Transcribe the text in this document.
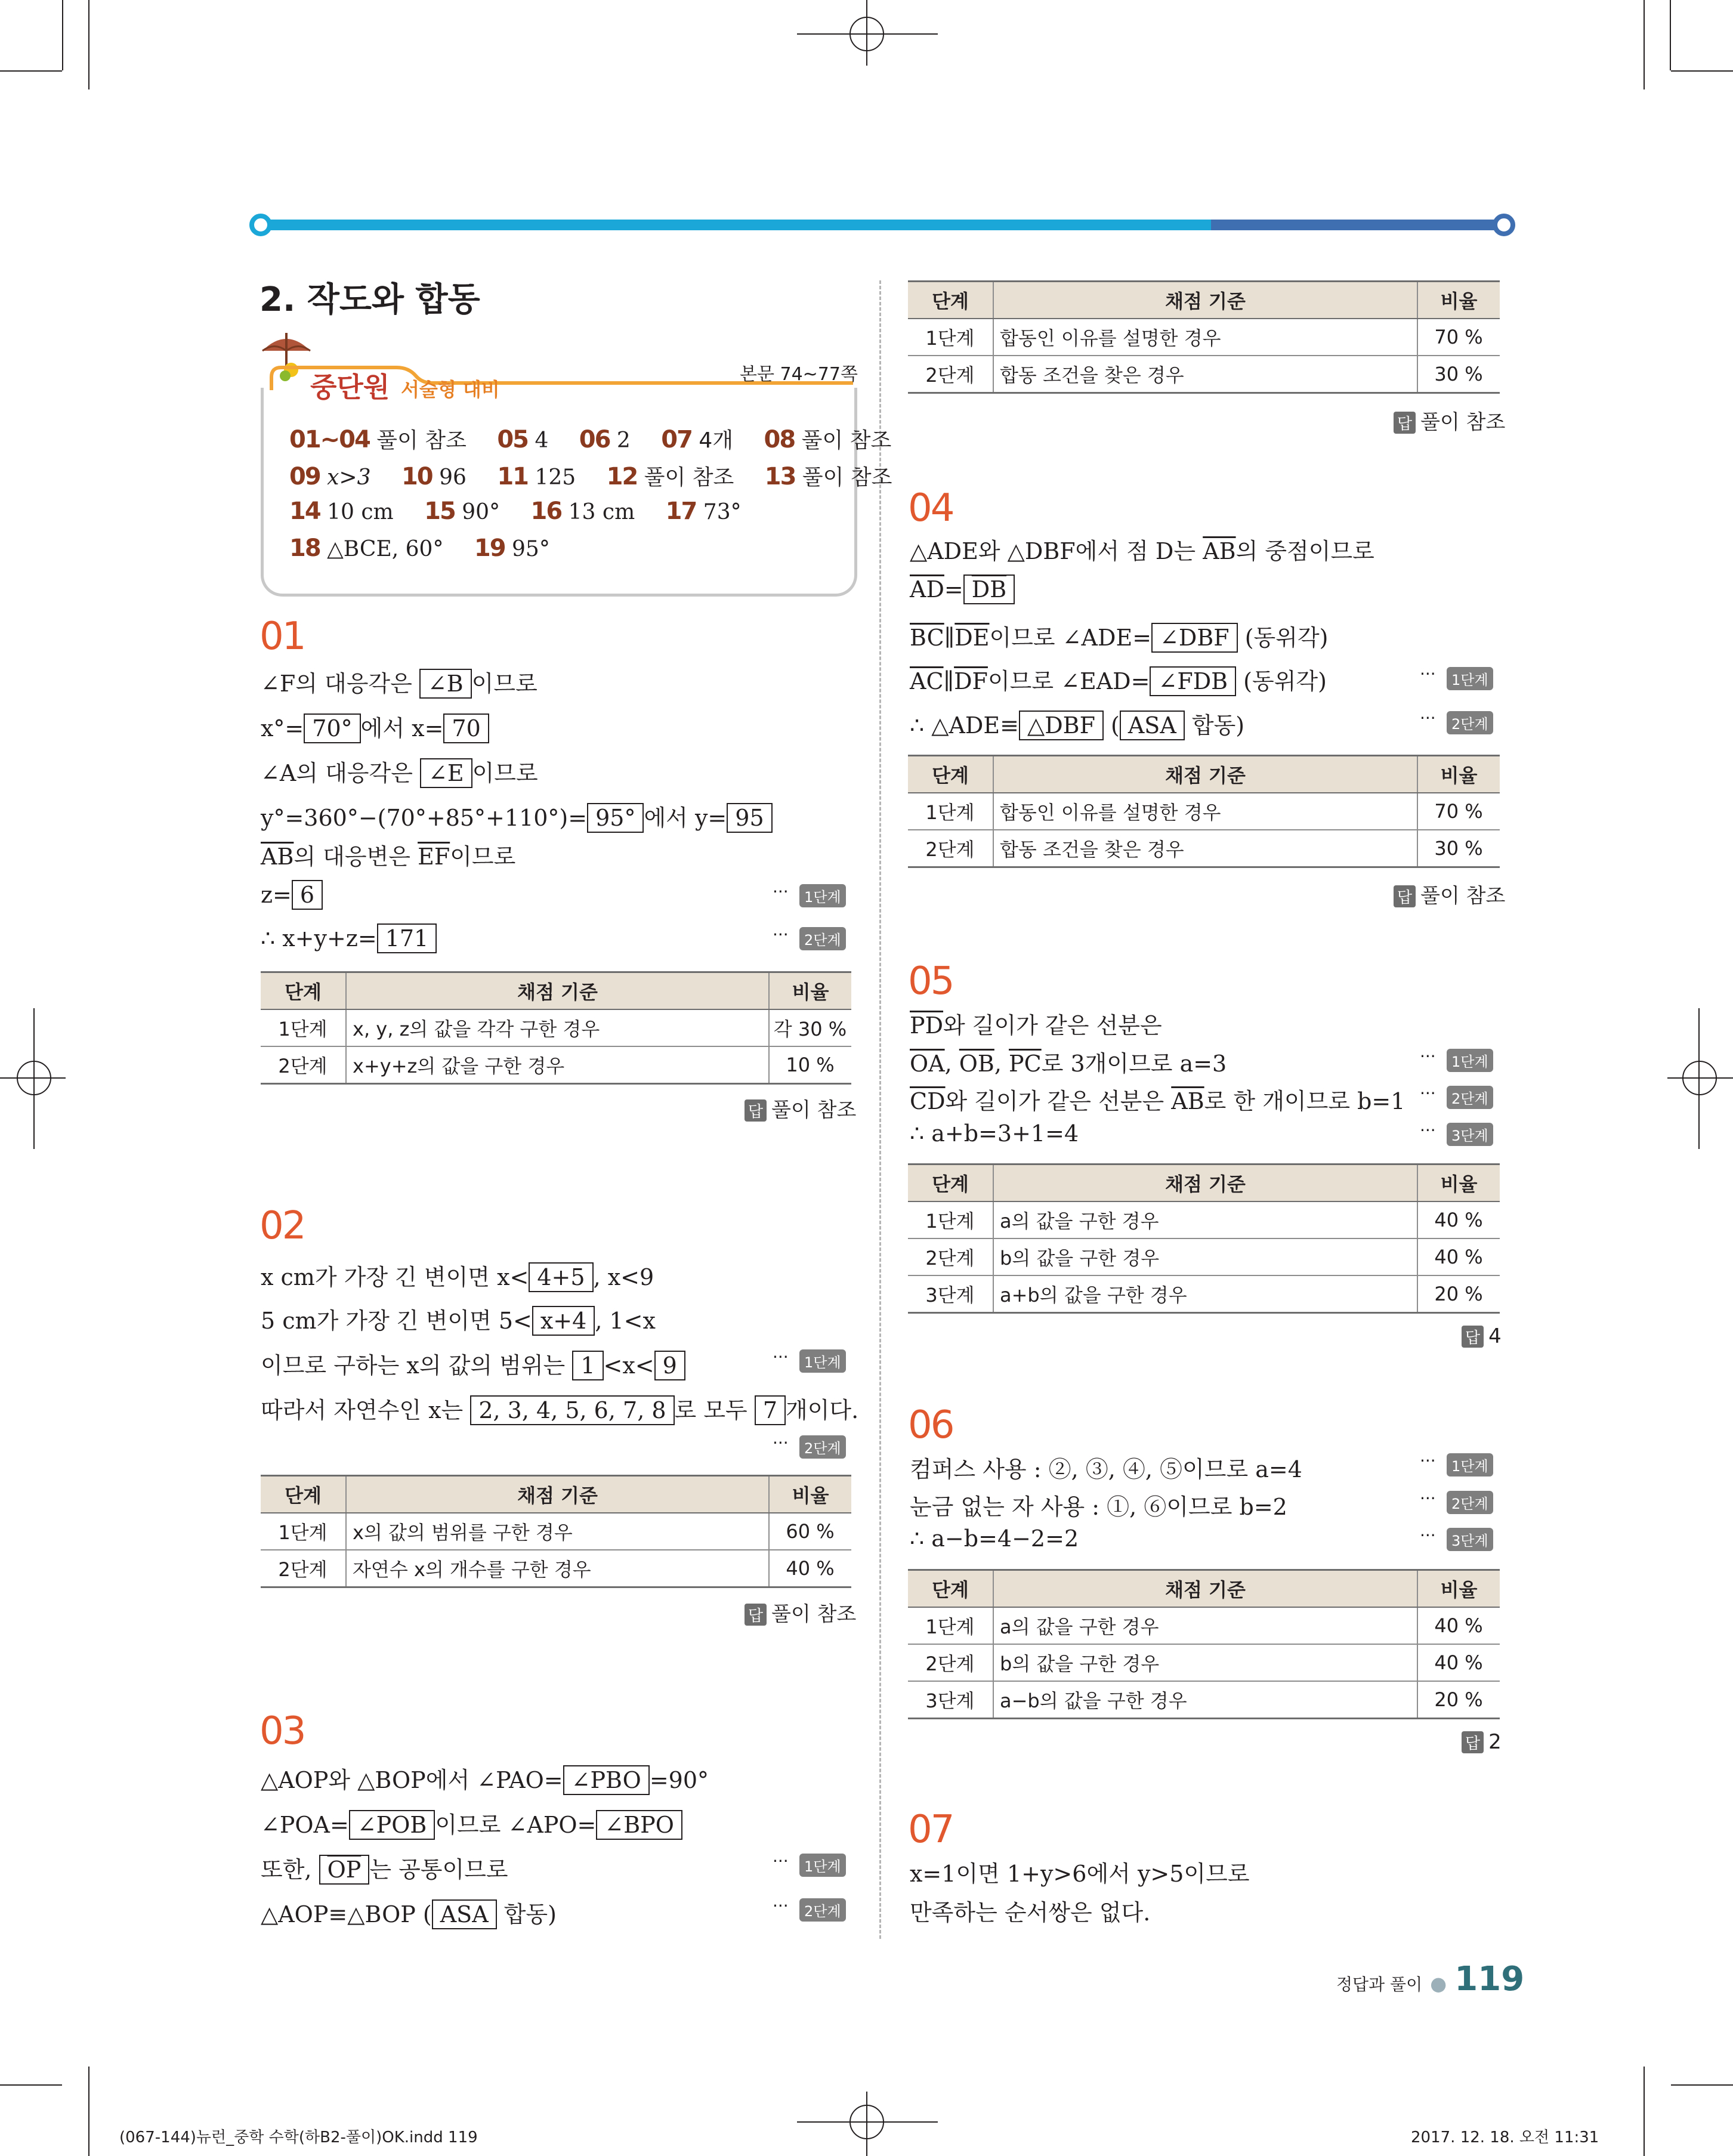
2. 작도와 합동
중단원 서술형 대비
본문 74~77쪽
01~04 풀이 참조 05 4 06 2 07 4개 08 풀이 참조
09 x>3 10 96 11 125 12 풀이 참조 13 풀이 참조
14 10 cm 15 90° 16 13 cm 17 73°
18 △BCE, 60° 19 95°
01
∠F의 대응각은 ∠B 이므로
x°= 70° 에서 x= 70
∠A의 대응각은 ∠E 이므로
y°=360°−(70°+85°+110°)= 95° 에서 y= 95
$\overline{AB}$의 대응변은 $\overline{EF}$이므로
z= 6	···	1단계
∴ x+y+z= 171	···	2단계
단계	채점 기준	비율
1단계	x, y, z의 값을 각각 구한 경우	각 30 %
2단계	x+y+z의 값을 구한 경우	10 %
답 풀이 참조
02
x cm가 가장 긴 변이면 x< 4+5 , x<9
5 cm가 가장 긴 변이면 5< x+4 , 1<x
이므로 구하는 x의 값의 범위는 1 <x< 9	···	1단계
따라서 자연수인 x는 2, 3, 4, 5, 6, 7, 8 로 모두 7 개이다.
···	2단계
단계	채점 기준	비율
1단계	x의 값의 범위를 구한 경우	60 %
2단계	자연수 x의 개수를 구한 경우	40 %
답 풀이 참조
03
△AOP와 △BOP에서 ∠PAO= ∠PBO =90°
∠POA= ∠POB 이므로 ∠APO= ∠BPO
또한, $\overline{OP}$ 는 공통이므로	···	1단계
△AOP≡△BOP ( ASA 합동)	···	2단계
단계	채점 기준	비율
1단계	합동인 이유를 설명한 경우	70 %
2단계	합동 조건을 찾은 경우	30 %
답 풀이 참조
04
△ADE와 △DBF에서 점 D는 $\overline{AB}$의 중점이므로
$\overline{AD}= \overline{DB}$
$\overline{BC}\parallel\overline{DE}$이므로 ∠ADE= ∠DBF (동위각)
$\overline{AC}\parallel\overline{DF}$이므로 ∠EAD= ∠FDB (동위각)	···	1단계
∴ △ADE≡ △DBF ( ASA 합동)	···	2단계
단계	채점 기준	비율
1단계	합동인 이유를 설명한 경우	70 %
2단계	합동 조건을 찾은 경우	30 %
답 풀이 참조
05
$\overline{PD}$와 길이가 같은 선분은
$\overline{OA}$, $\overline{OB}$, $\overline{PC}$로 3개이므로 a=3	···	1단계
$\overline{CD}$와 길이가 같은 선분은 $\overline{AB}$로 한 개이므로 b=1 ···	2단계
∴ a+b=3+1=4	···	3단계
단계	채점 기준	비율
1단계	a의 값을 구한 경우	40 %
2단계	b의 값을 구한 경우	40 %
3단계	a+b의 값을 구한 경우	20 %
답 4
06
컴퍼스 사용 : ②, ③, ④, ⑤이므로 a=4	···	1단계
눈금 없는 자 사용 : ①, ⑥이므로 b=2	···	2단계
∴ a−b=4−2=2	···	3단계
단계	채점 기준	비율
1단계	a의 값을 구한 경우	40 %
2단계	b의 값을 구한 경우	40 %
3단계	a−b의 값을 구한 경우	20 %
답 2
07
x=1이면 1+y>6에서 y>5이므로
만족하는 순서쌍은 없다.
정답과 풀이 ● 119
(067-144)뉴런_중학 수학(하B2-풀이)OK.indd 119	2017. 12. 18. 오전 11:31
